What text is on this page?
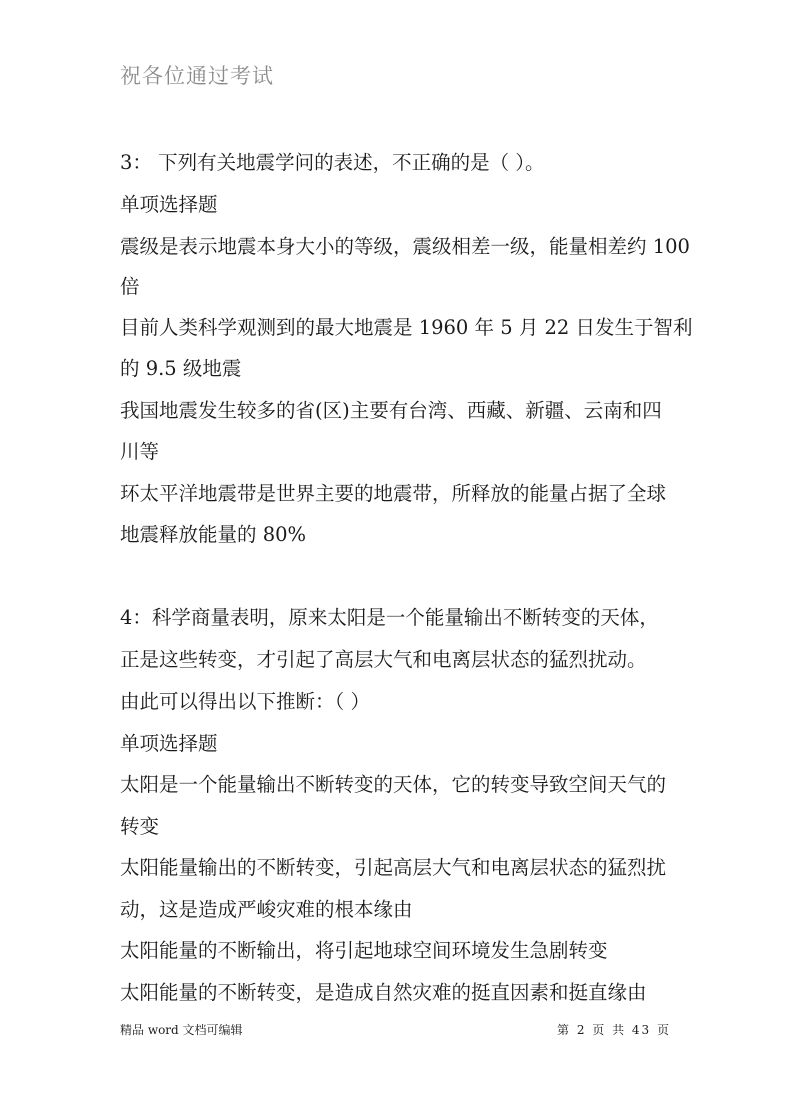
祝各位通过考试
3： 下列有关地震学问的表述，不正确的是（ ）。
单项选择题
震级是表示地震本身大小的等级，震级相差一级，能量相差约 100
倍
目前人类科学观测到的最大地震是 1960 年 5 月 22 日发生于智利
的 9.5 级地震
我国地震发生较多的省(区)主要有台湾、西藏、新疆、云南和四
川等
环太平洋地震带是世界主要的地震带，所释放的能量占据了全球
地震释放能量的 80%
4：科学商量表明，原来太阳是一个能量输出不断转变的天体，
正是这些转变，才引起了高层大气和电离层状态的猛烈扰动。
由此可以得出以下推断：（ ）
单项选择题
太阳是一个能量输出不断转变的天体，它的转变导致空间天气的
转变
太阳能量输出的不断转变，引起高层大气和电离层状态的猛烈扰
动，这是造成严峻灾难的根本缘由
太阳能量的不断输出，将引起地球空间环境发生急剧转变
太阳能量的不断转变，是造成自然灾难的挺直因素和挺直缘由
精品 word 文档可编辑	第 2 页 共 43 页
